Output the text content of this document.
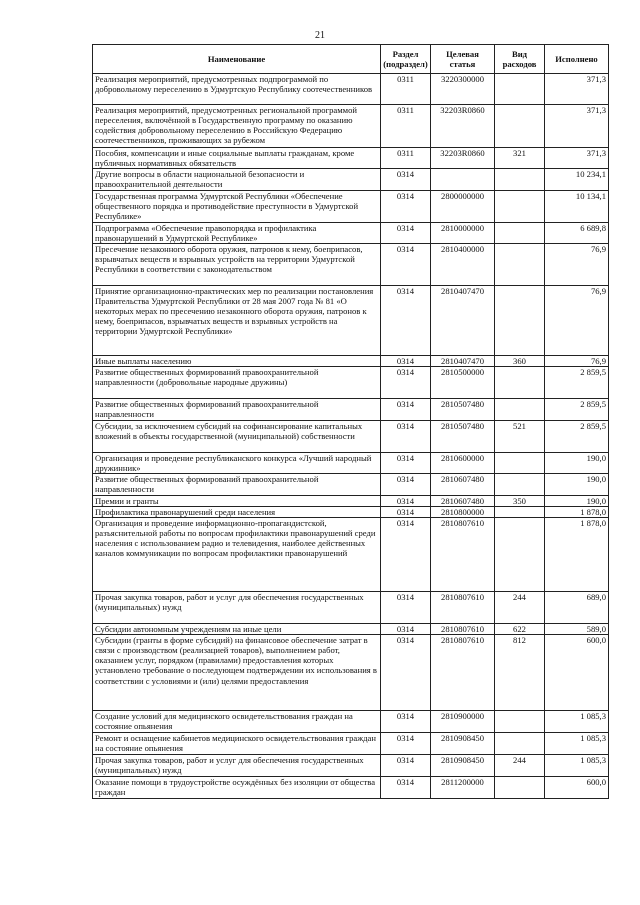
21
Наименование	Раздел (подраздел)	Целевая статья	Вид расходов	Исполнено
Реализация мероприятий, предусмотренных подпрограммой по добровольному переселению в Удмуртскую Республику соотечественников	0311	3220300000		371,3
Реализация мероприятий, предусмотренных региональной программой переселения, включённой в Государственную программу по оказанию содействия добровольному переселению в Российскую Федерацию соотечественников, проживающих за рубежом	0311	32203R0860		371,3
Пособия, компенсации и иные социальные выплаты гражданам, кроме публичных нормативных обязательств	0311	32203R0860	321	371,3
Другие вопросы в области национальной безопасности и правоохранительной деятельности	0314			10 234,1
Государственная программа Удмуртской Республики «Обеспечение общественного порядка и противодействие преступности в Удмуртской Республике»	0314	2800000000		10 134,1
Подпрограмма «Обеспечение правопорядка и профилактика правонарушений в Удмуртской Республике»	0314	2810000000		6 689,8
Пресечение незаконного оборота оружия, патронов к нему, боеприпасов, взрывчатых веществ и взрывных устройств на территории Удмуртской Республики в соответствии с законодательством	0314	2810400000		76,9
Принятие организационно-практических мер по реализации постановления Правительства Удмуртской Республики от 28 мая 2007 года № 81 «О некоторых мерах по пресечению незаконного оборота оружия, патронов к нему, боеприпасов, взрывчатых веществ и взрывных устройств на территории Удмуртской Республики»	0314	2810407470		76,9
Иные выплаты населению	0314	2810407470	360	76,9
Развитие общественных формирований правоохранительной направленности (добровольные народные дружины)	0314	2810500000		2 859,5
Развитие общественных формирований правоохранительной направленности	0314	2810507480		2 859,5
Субсидии, за исключением субсидий на софинансирование капитальных вложений в объекты государственной (муниципальной) собственности	0314	2810507480	521	2 859,5
Организация и проведение республиканского конкурса «Лучший народный дружинник»	0314	2810600000		190,0
Развитие общественных формирований правоохранительной направленности	0314	2810607480		190,0
Премии и гранты	0314	2810607480	350	190,0
Профилактика правонарушений среди населения	0314	2810800000		1 878,0
Организация и проведение информационно-пропагандистской, разъяснительной работы по вопросам профилактики правонарушений среди населения с использованием радио и телевидения, наиболее действенных каналов коммуникации по вопросам профилактики правонарушений	0314	2810807610		1 878,0
Прочая закупка товаров, работ и услуг для обеспечения государственных (муниципальных) нужд	0314	2810807610	244	689,0
Субсидии автономным учреждениям на иные цели	0314	2810807610	622	589,0
Субсидии (гранты в форме субсидий) на финансовое обеспечение затрат в связи с производством (реализацией товаров), выполнением работ, оказанием услуг, порядком (правилами) предоставления которых установлено требование о последующем подтверждении их использования в соответствии с условиями и (или) целями предоставления	0314	2810807610	812	600,0
Создание условий для медицинского освидетельствования граждан на состояние опьянения	0314	2810900000		1 085,3
Ремонт и оснащение кабинетов медицинского освидетельствования граждан на состояние опьянения	0314	2810908450		1 085,3
Прочая закупка товаров, работ и услуг для обеспечения государственных (муниципальных) нужд	0314	2810908450	244	1 085,3
Оказание помощи в трудоустройстве осуждённых без изоляции от общества граждан	0314	2811200000		600,0
